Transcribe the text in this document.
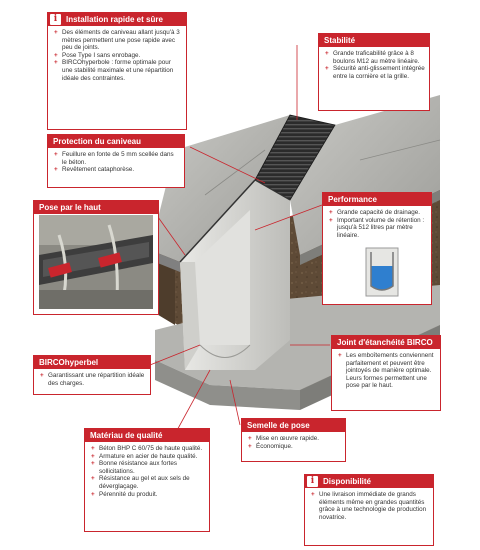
i	Installation rapide et sûre
+ Des éléments de caniveau allant jusqu'à 3 mètres permettent une pose rapide avec peu de joints.
+ Pose Type I sans enrobage.
+ BIRCOhyperbole : forme optimale pour une stabilité maximale et une répartition idéale des contraintes.
Stabilité
+ Grande traficabilité grâce à 8 boulons M12 au mètre linéaire.
+ Sécurité anti-glissement intégrée entre la cornière et la grille.
Protection du caniveau
+ Feuillure en fonte de 5 mm scellée dans le béton.
+ Revêtement cataphorèse.
Pose par le haut
Performance
+ Grande capacité de drainage.
+ Important volume de rétention : jusqu'à 512 litres par mètre linéaire.
Joint d'étanchéité BIRCO
+ Les emboîtements conviennent parfaitement et peuvent être jointoyés de manière optimale. Leurs formes permettent une pose par le haut.
BIRCOhyperbel
+ Garantissant une répartition idéale des charges.
Semelle de pose
+ Mise en œuvre rapide.
+ Économique.
Matériau de qualité
+ Béton BHP C 60/75 de haute qualité.
+ Armature en acier de haute qualité.
+ Bonne résistance aux fortes sollicitations.
+ Résistance au gel et aux sels de déverglaçage.
+ Pérennité du produit.
i	Disponibilité
+ Une livraison immédiate de grands éléments même en grandes quantités grâce à une technologie de production novatrice.
